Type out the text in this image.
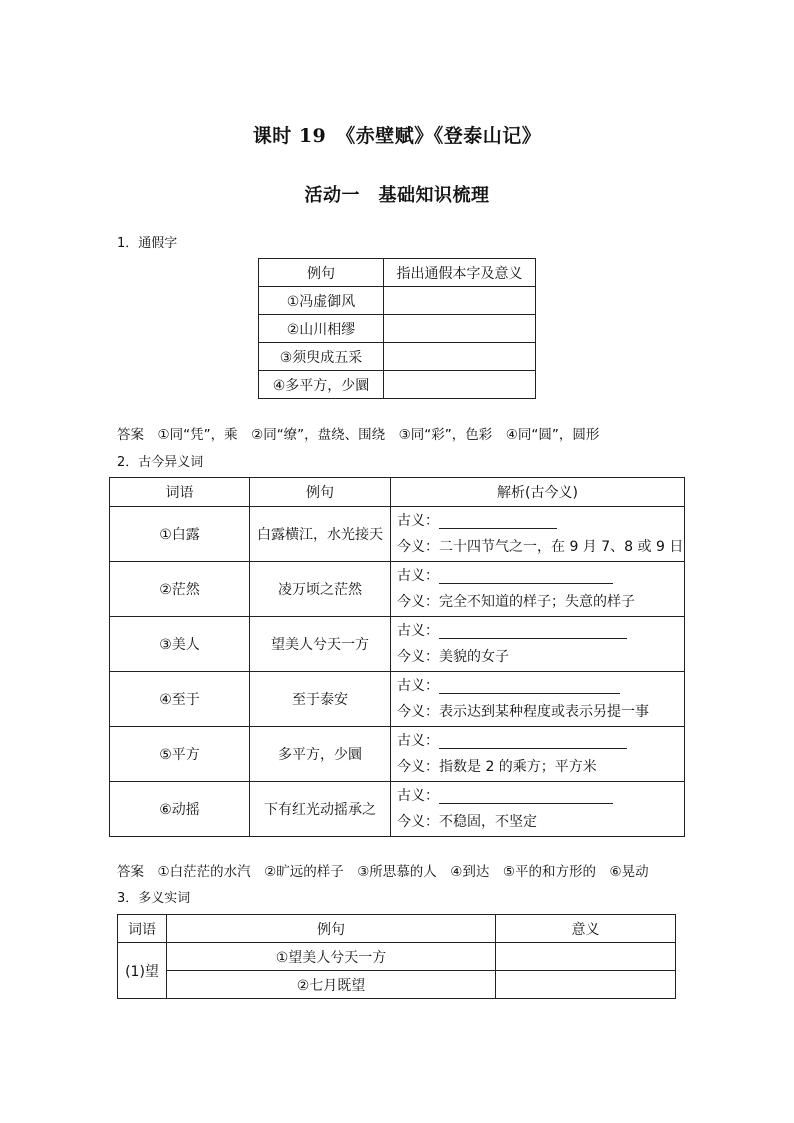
课时 19　《赤壁赋》《登泰山记》
活动一　基础知识梳理
1．通假字
例句	指出通假本字及意义
①冯虚御风	
②山川相缪	
③须臾成五采	
④多平方，少圜	
答案　①同“凭”，乘　②同“缭”，盘绕、围绕　③同“彩”，色彩　④同“圆”，圆形
2．古今异义词
词语	例句	解析(古今义)
①白露	白露横江，水光接天	古义：
今义：二十四节气之一，在 9 月 7、8 或 9 日

②茫然	凌万顷之茫然	古义：
今义：完全不知道的样子；失意的样子

③美人	望美人兮天一方	古义：
今义：美貌的女子

④至于	至于泰安	古义：
今义：表示达到某种程度或表示另提一事

⑤平方	多平方，少圜	古义：
今义：指数是 2 的乘方；平方米

⑥动摇	下有红光动摇承之	古义：
今义：不稳固，不坚定
答案　①白茫茫的水汽　②旷远的样子　③所思慕的人　④到达　⑤平的和方形的　⑥晃动
3．多义实词
词语	例句	意义
(1)望	①望美人兮天一方	
	②七月既望	
